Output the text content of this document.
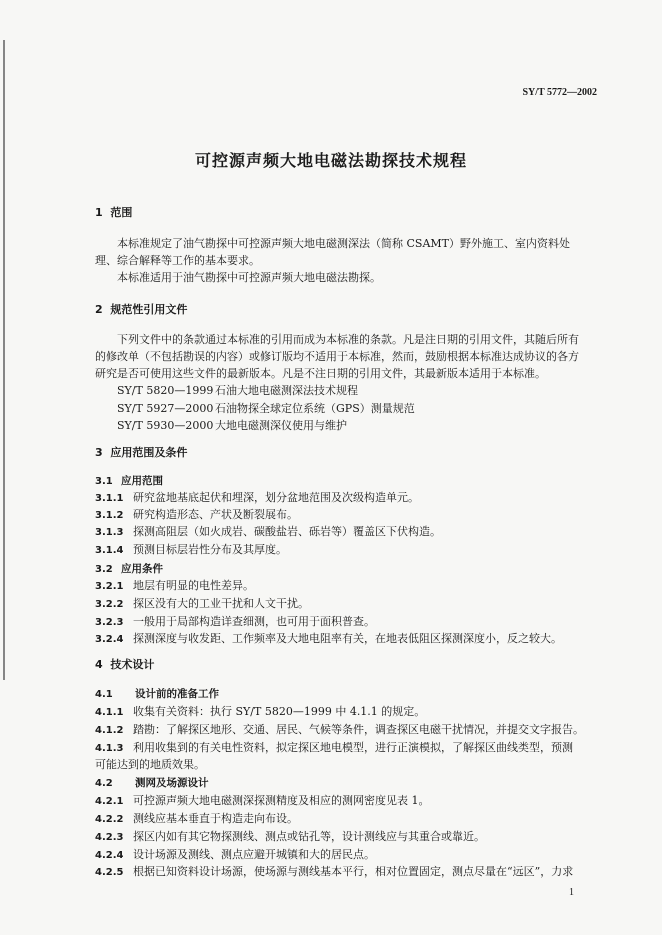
SY/T 5772—2002
可控源声频大地电磁法勘探技术规程
1 范围
本标准规定了油气勘探中可控源声频大地电磁测深法（简称 CSAMT）野外施工、室内资料处
理、综合解释等工作的基本要求。
本标准适用于油气勘探中可控源声频大地电磁法勘探。
2 规范性引用文件
下列文件中的条款通过本标准的引用而成为本标准的条款。凡是注日期的引用文件，其随后所有
的修改单（不包括勘误的内容）或修订版均不适用于本标准，然而，鼓励根据本标准达成协议的各方
研究是否可使用这些文件的最新版本。凡是不注日期的引用文件，其最新版本适用于本标准。
SY/T 5820—1999 石油大地电磁测深法技术规程
SY/T 5927—2000 石油物探全球定位系统（GPS）测量规范
SY/T 5930—2000 大地电磁测深仪使用与维护
3 应用范围及条件
3.1 应用范围
3.1.1 研究盆地基底起伏和埋深，划分盆地范围及次级构造单元。
3.1.2 研究构造形态、产状及断裂展布。
3.1.3 探测高阻层（如火成岩、碳酸盐岩、砾岩等）覆盖区下伏构造。
3.1.4 预测目标层岩性分布及其厚度。
3.2 应用条件
3.2.1 地层有明显的电性差异。
3.2.2 探区没有大的工业干扰和人文干扰。
3.2.3 一般用于局部构造详查细测，也可用于面积普查。
3.2.4 探测深度与收发距、工作频率及大地电阻率有关，在地表低阻区探测深度小，反之较大。
4 技术设计
4.1 设计前的准备工作
4.1.1 收集有关资料：执行 SY/T 5820—1999 中 4.1.1 的规定。
4.1.2 踏勘：了解探区地形、交通、居民、气候等条件，调查探区电磁干扰情况，并提交文字报告。
4.1.3 利用收集到的有关电性资料，拟定探区地电模型，进行正演模拟，了解探区曲线类型，预测
可能达到的地质效果。
4.2 测网及场源设计
4.2.1 可控源声频大地电磁测深探测精度及相应的测网密度见表 1。
4.2.2 测线应基本垂直于构造走向布设。
4.2.3 探区内如有其它物探测线、测点或钻孔等，设计测线应与其重合或靠近。
4.2.4 设计场源及测线、测点应避开城镇和大的居民点。
4.2.5 根据已知资料设计场源，使场源与测线基本平行，相对位置固定，测点尽量在“远区”，力求
1
